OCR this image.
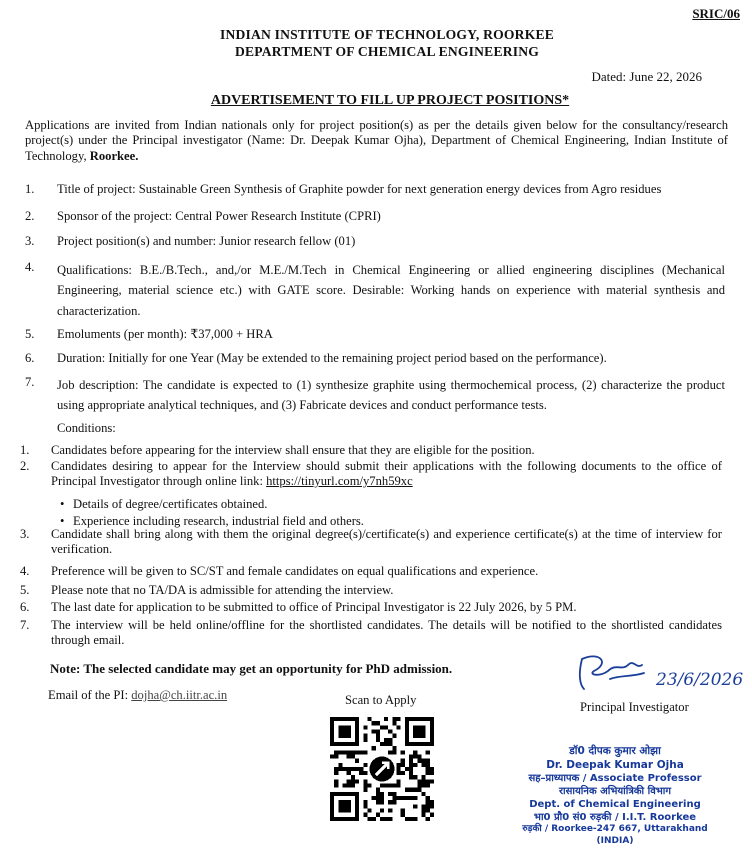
SRIC/06
INDIAN INSTITUTE OF TECHNOLOGY, ROORKEE
DEPARTMENT OF CHEMICAL ENGINEERING
Dated: June 22, 2026
ADVERTISEMENT TO FILL UP PROJECT POSITIONS*
Applications are invited from Indian nationals only for project position(s) as per the details given below for the consultancy/research project(s) under the Principal investigator (Name: Dr. Deepak Kumar Ojha), Department of Chemical Engineering, Indian Institute of Technology, Roorkee.
1. Title of project: Sustainable Green Synthesis of Graphite powder for next generation energy devices from Agro residues
2. Sponsor of the project: Central Power Research Institute (CPRI)
3. Project position(s) and number: Junior research fellow (01)
4. Qualifications: B.E./B.Tech., and,/or M.E./M.Tech in Chemical Engineering or allied engineering disciplines (Mechanical Engineering, material science etc.) with GATE score. Desirable: Working hands on experience with material synthesis and characterization.
5. Emoluments (per month): ₹37,000 + HRA
6. Duration: Initially for one Year (May be extended to the remaining project period based on the performance).
7. Job description: The candidate is expected to (1) synthesize graphite using thermochemical process, (2) characterize the product using appropriate analytical techniques, and (3) Fabricate devices and conduct performance tests.
Conditions:
1. Candidates before appearing for the interview shall ensure that they are eligible for the position.
2. Candidates desiring to appear for the Interview should submit their applications with the following documents to the office of Principal Investigator through online link: https://tinyurl.com/y7nh59xc
• Details of degree/certificates obtained.
• Experience including research, industrial field and others.
3. Candidate shall bring along with them the original degree(s)/certificate(s) and experience certificate(s) at the time of interview for verification.
4. Preference will be given to SC/ST and female candidates on equal qualifications and experience.
5. Please note that no TA/DA is admissible for attending the interview.
6. The last date for application to be submitted to office of Principal Investigator is 22 July 2026, by 5 PM.
7. The interview will be held online/offline for the shortlisted candidates. The details will be notified to the shortlisted candidates through email.
Note: The selected candidate may get an opportunity for PhD admission.
Email of the PI: dojha@ch.iitr.ac.in	Scan to Apply
23/6/2026
Principal Investigator
डॉ0 दीपक कुमार ओझा
Dr. Deepak Kumar Ojha
सह–प्राध्यापक / Associate Professor
रासायनिक अभियांत्रिकी विभाग
Dept. of Chemical Engineering
भा0 प्रौ0 सं0 रुड़की / I.I.T. Roorkee
रुड़की / Roorkee-247 667, Uttarakhand (INDIA)
